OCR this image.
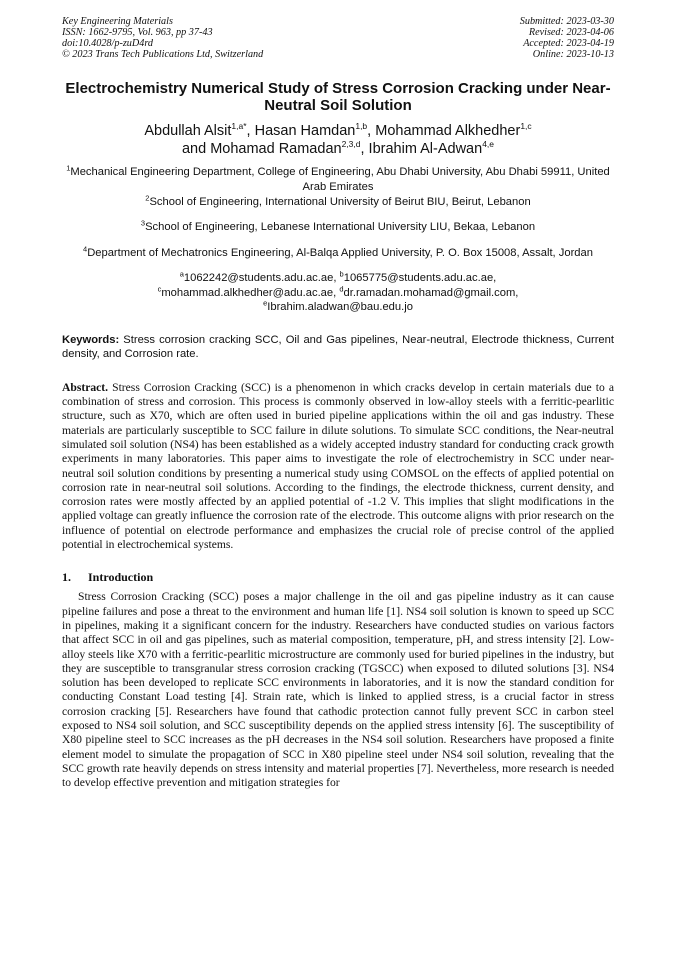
Key Engineering Materials
ISSN: 1662-9795, Vol. 963, pp 37-43
doi:10.4028/p-zuD4rd
© 2023 Trans Tech Publications Ltd, Switzerland
Submitted: 2023-03-30
Revised: 2023-04-06
Accepted: 2023-04-19
Online: 2023-10-13
Electrochemistry Numerical Study of Stress Corrosion Cracking under Near-Neutral Soil Solution
Abdullah Alsit$^{1,a*}$, Hasan Hamdan$^{1,b}$, Mohammad Alkhedher$^{1,c}$
and Mohamad Ramadan$^{2,3,d}$, Ibrahim Al-Adwan$^{4,e}$
$^1$Mechanical Engineering Department, College of Engineering, Abu Dhabi University, Abu Dhabi 59911, United Arab Emirates
$^2$School of Engineering, International University of Beirut BIU, Beirut, Lebanon
$^3$School of Engineering, Lebanese International University LIU, Bekaa, Lebanon
$^4$Department of Mechatronics Engineering, Al-Balqa Applied University, P. O. Box 15008, Assalt, Jordan
$^a$1062242@students.adu.ac.ae, $^b$1065775@students.adu.ac.ae,
$^c$mohammad.alkhedher@adu.ac.ae, $^d$dr.ramadan.mohamad@gmail.com,
$^e$Ibrahim.aladwan@bau.edu.jo
Keywords: Stress corrosion cracking SCC, Oil and Gas pipelines, Near-neutral, Electrode thickness, Current density, and Corrosion rate.
Abstract. Stress Corrosion Cracking (SCC) is a phenomenon in which cracks develop in certain materials due to a combination of stress and corrosion. This process is commonly observed in low-alloy steels with a ferritic-pearlitic structure, such as X70, which are often used in buried pipeline applications within the oil and gas industry. These materials are particularly susceptible to SCC failure in dilute solutions. To simulate SCC conditions, the Near-neutral simulated soil solution (NS4) has been established as a widely accepted industry standard for conducting crack growth experiments in many laboratories. This paper aims to investigate the role of electrochemistry in SCC under near-neutral soil solution conditions by presenting a numerical study using COMSOL on the effects of applied potential on corrosion rate in near-neutral soil solutions. According to the findings, the electrode thickness, current density, and corrosion rates were mostly affected by an applied potential of -1.2 V. This implies that slight modifications in the applied voltage can greatly influence the corrosion rate of the electrode. This outcome aligns with prior research on the influence of potential on electrode performance and emphasizes the crucial role of precise control of the applied potential in electrochemical systems.
1.	Introduction
Stress Corrosion Cracking (SCC) poses a major challenge in the oil and gas pipeline industry as it can cause pipeline failures and pose a threat to the environment and human life [1]. NS4 soil solution is known to speed up SCC in pipelines, making it a significant concern for the industry. Researchers have conducted studies on various factors that affect SCC in oil and gas pipelines, such as material composition, temperature, pH, and stress intensity [2]. Low-alloy steels like X70 with a ferritic-pearlitic microstructure are commonly used for buried pipelines in the industry, but they are susceptible to transgranular stress corrosion cracking (TGSCC) when exposed to diluted solutions [3]. NS4 solution has been developed to replicate SCC environments in laboratories, and it is now the standard condition for conducting Constant Load testing [4]. Strain rate, which is linked to applied stress, is a crucial factor in stress corrosion cracking [5]. Researchers have found that cathodic protection cannot fully prevent SCC in carbon steel exposed to NS4 soil solution, and SCC susceptibility depends on the applied stress intensity [6]. The susceptibility of X80 pipeline steel to SCC increases as the pH decreases in the NS4 soil solution. Researchers have proposed a finite element model to simulate the propagation of SCC in X80 pipeline steel under NS4 soil solution, revealing that the SCC growth rate heavily depends on stress intensity and material properties [7]. Nevertheless, more research is needed to develop effective prevention and mitigation strategies for
